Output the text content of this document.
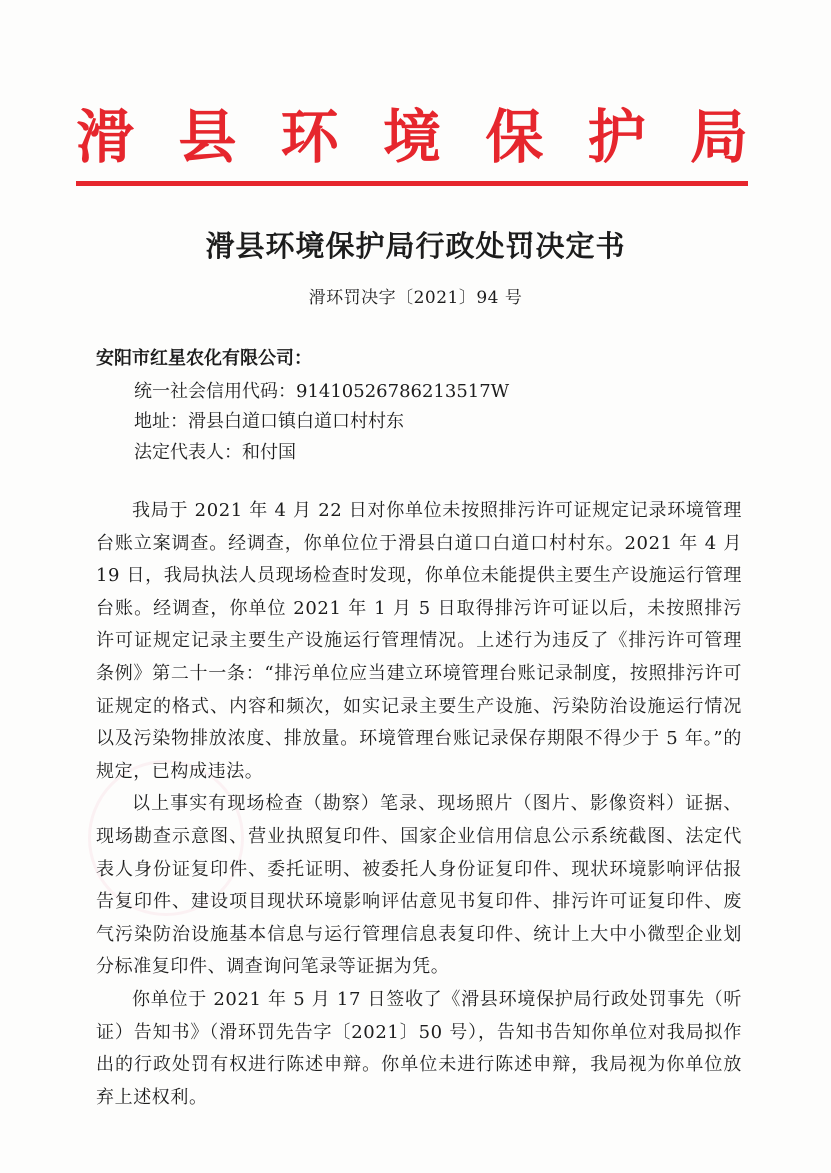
滑 县 环 境 保 护 局
滑县环境保护局行政处罚决定书
滑环罚决字〔2021〕94 号
安阳市红星农化有限公司：
统一社会信用代码：91410526786213517W
地址：滑县白道口镇白道口村村东
法定代表人：和付国

我局于 2021 年 4 月 22 日对你单位未按照排污许可证规定记录环境管理台账立案调查。经调查，你单位位于滑县白道口白道口村村东。2021 年 4 月 19 日，我局执法人员现场检查时发现，你单位未能提供主要生产设施运行管理台账。经调查，你单位 2021 年 1 月 5 日取得排污许可证以后，未按照排污许可证规定记录主要生产设施运行管理情况。上述行为违反了《排污许可管理条例》第二十一条：“排污单位应当建立环境管理台账记录制度，按照排污许可证规定的格式、内容和频次，如实记录主要生产设施、污染防治设施运行情况以及污染物排放浓度、排放量。环境管理台账记录保存期限不得少于 5 年。”的规定，已构成违法。

以上事实有现场检查（勘察）笔录、现场照片（图片、影像资料）证据、现场勘查示意图、营业执照复印件、国家企业信用信息公示系统截图、法定代表人身份证复印件、委托证明、被委托人身份证复印件、现状环境影响评估报告复印件、建设项目现状环境影响评估意见书复印件、排污许可证复印件、废气污染防治设施基本信息与运行管理信息表复印件、统计上大中小微型企业划分标准复印件、调查询问笔录等证据为凭。

你单位于 2021 年 5 月 17 日签收了《滑县环境保护局行政处罚事先（听证）告知书》（滑环罚先告字〔2021〕50 号），告知书告知你单位对我局拟作出的行政处罚有权进行陈述申辩。你单位未进行陈述申辩，我局视为你单位放弃上述权利。
